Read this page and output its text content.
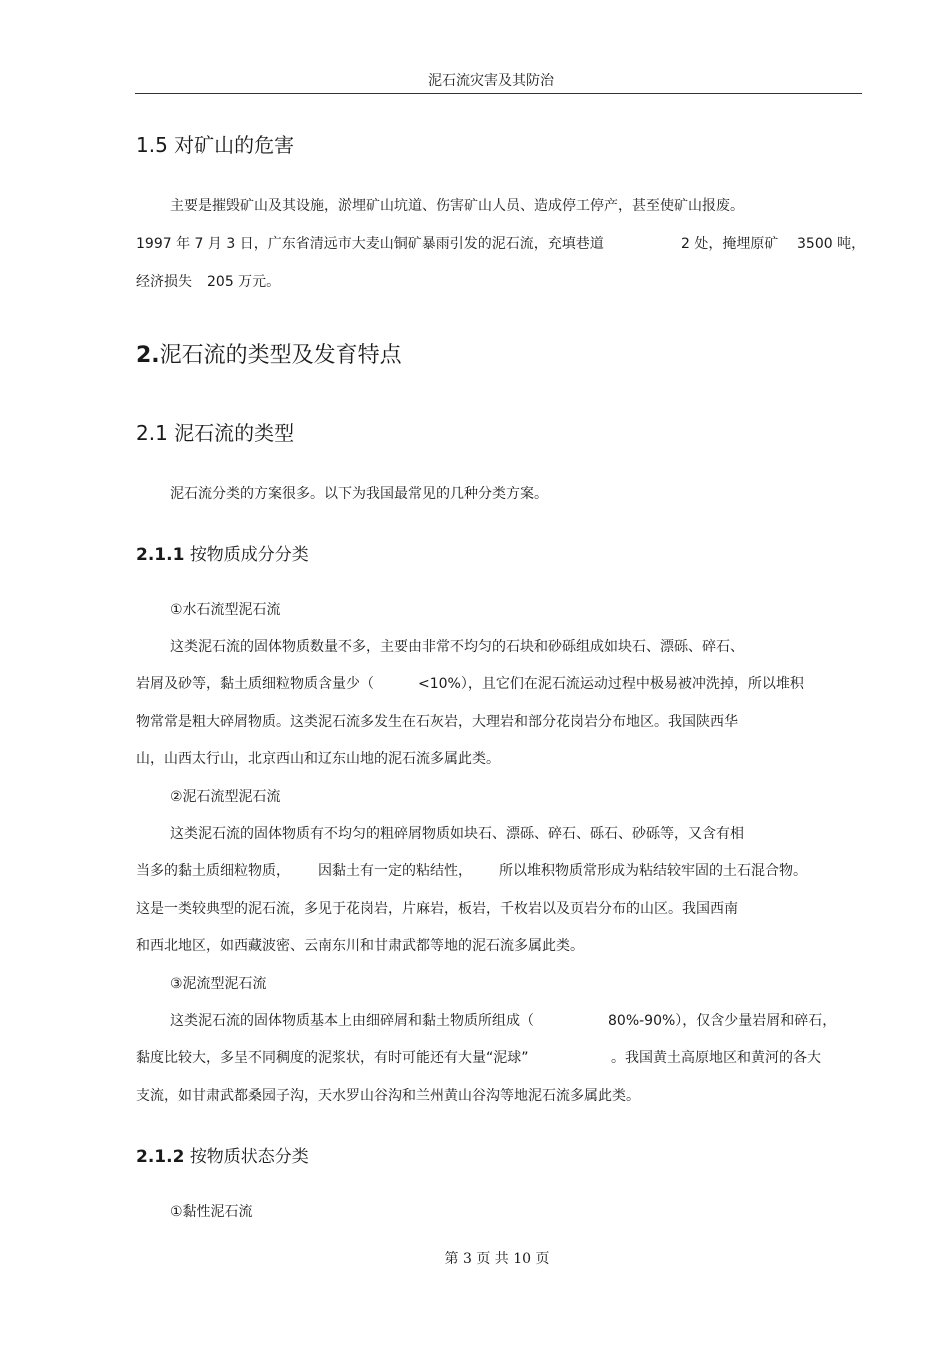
泥石流灾害及其防治
1.5 对矿山的危害
主要是摧毁矿山及其设施，淤埋矿山坑道、伤害矿山人员、造成停工停产，甚至使矿山报废。
1997 年 7 月 3 日，广东省清远市大麦山铜矿暴雨引发的泥石流，充填巷道	2 处，掩埋原矿 3500 吨，
经济损失 205 万元。
2.泥石流的类型及发育特点
2.1 泥石流的类型
泥石流分类的方案很多。以下为我国最常见的几种分类方案。
2.1.1 按物质成分分类
①水石流型泥石流
这类泥石流的固体物质数量不多，主要由非常不均匀的石块和砂砾组成如块石、漂砾、碎石、
岩屑及砂等，黏土质细粒物质含量少（	<10%），且它们在泥石流运动过程中极易被冲洗掉，所以堆积
物常常是粗大碎屑物质。这类泥石流多发生在石灰岩，大理岩和部分花岗岩分布地区。我国陕西华
山，山西太行山，北京西山和辽东山地的泥石流多属此类。
②泥石流型泥石流
这类泥石流的固体物质有不均匀的粗碎屑物质如块石、漂砾、碎石、砾石、砂砾等，又含有相
当多的黏土质细粒物质， 因黏土有一定的粘结性， 所以堆积物质常形成为粘结较牢固的土石混合物。
这是一类较典型的泥石流，多见于花岗岩，片麻岩，板岩，千枚岩以及页岩分布的山区。我国西南
和西北地区，如西藏波密、云南东川和甘肃武都等地的泥石流多属此类。
③泥流型泥石流
这类泥石流的固体物质基本上由细碎屑和黏土物质所组成（	80%-90%），仅含少量岩屑和碎石，
黏度比较大，多呈不同稠度的泥浆状，有时可能还有大量“泥球”	。我国黄土高原地区和黄河的各大
支流，如甘肃武都桑园子沟，天水罗山谷沟和兰州黄山谷沟等地泥石流多属此类。
2.1.2 按物质状态分类
①黏性泥石流
第 3 页 共 10 页
